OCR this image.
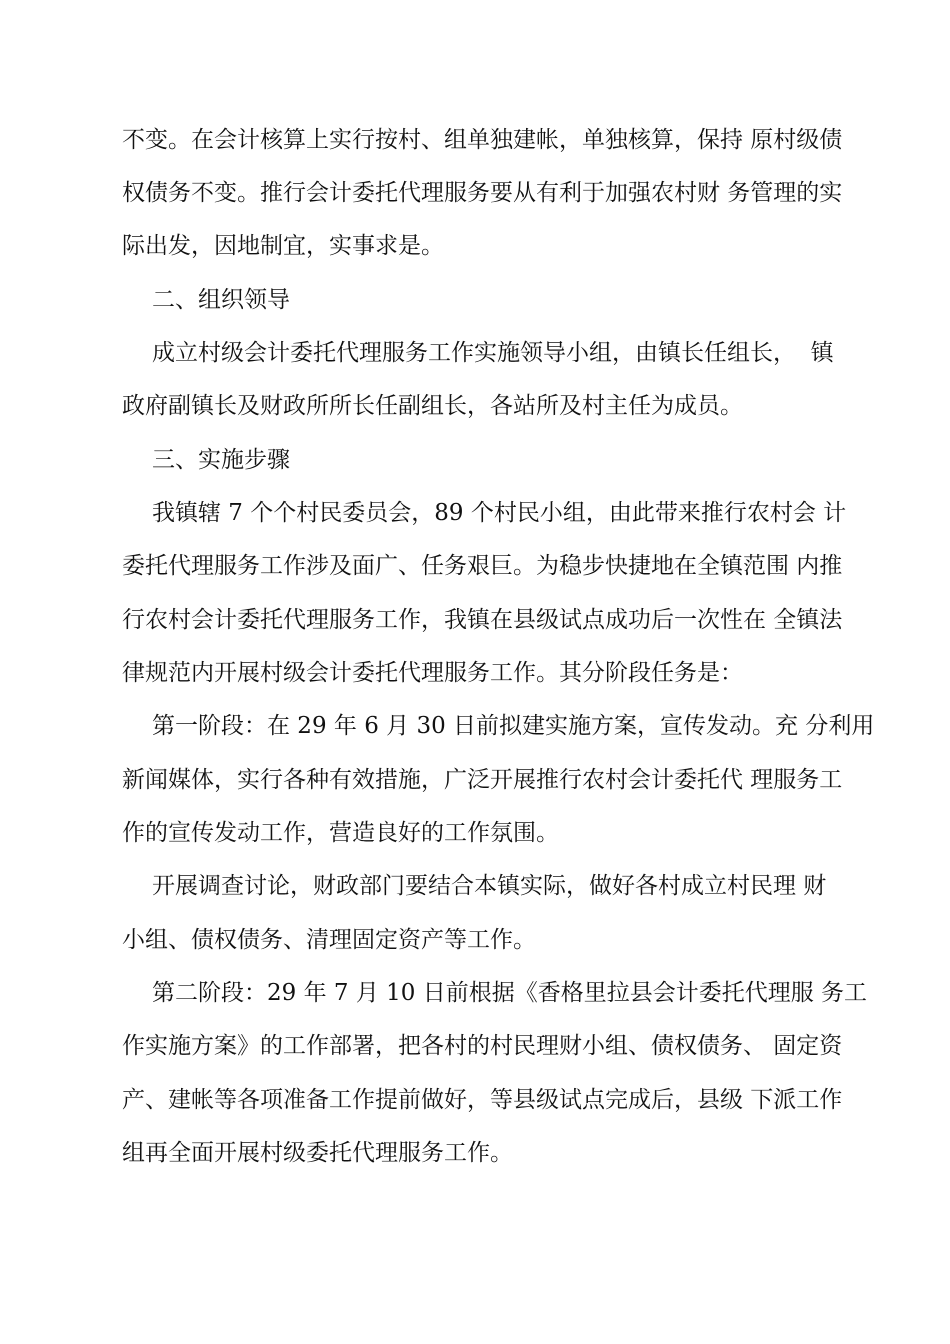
不变。在会计核算上实行按村、组单独建帐，单独核算，保持 原村级债
权债务不变。推行会计委托代理服务要从有利于加强农村财 务管理的实
际出发，因地制宜，实事求是。
二、组织领导
成立村级会计委托代理服务工作实施领导小组，由镇长任组长，  镇
政府副镇长及财政所所长任副组长，各站所及村主任为成员。
三、实施步骤
我镇辖 7 个个村民委员会，89 个村民小组，由此带来推行农村会 计
委托代理服务工作涉及面广、任务艰巨。为稳步快捷地在全镇范围 内推
行农村会计委托代理服务工作，我镇在县级试点成功后一次性在 全镇法
律规范内开展村级会计委托代理服务工作。其分阶段任务是：
第一阶段：在 29 年 6 月 30 日前拟建实施方案，宣传发动。充 分利用
新闻媒体，实行各种有效措施，广泛开展推行农村会计委托代 理服务工
作的宣传发动工作，营造良好的工作氛围。
开展调查讨论，财政部门要结合本镇实际，做好各村成立村民理 财
小组、债权债务、清理固定资产等工作。
第二阶段：29 年 7 月 10 日前根据《香格里拉县会计委托代理服 务工
作实施方案》的工作部署，把各村的村民理财小组、债权债务、 固定资
产、建帐等各项准备工作提前做好，等县级试点完成后，县级 下派工作
组再全面开展村级委托代理服务工作。
